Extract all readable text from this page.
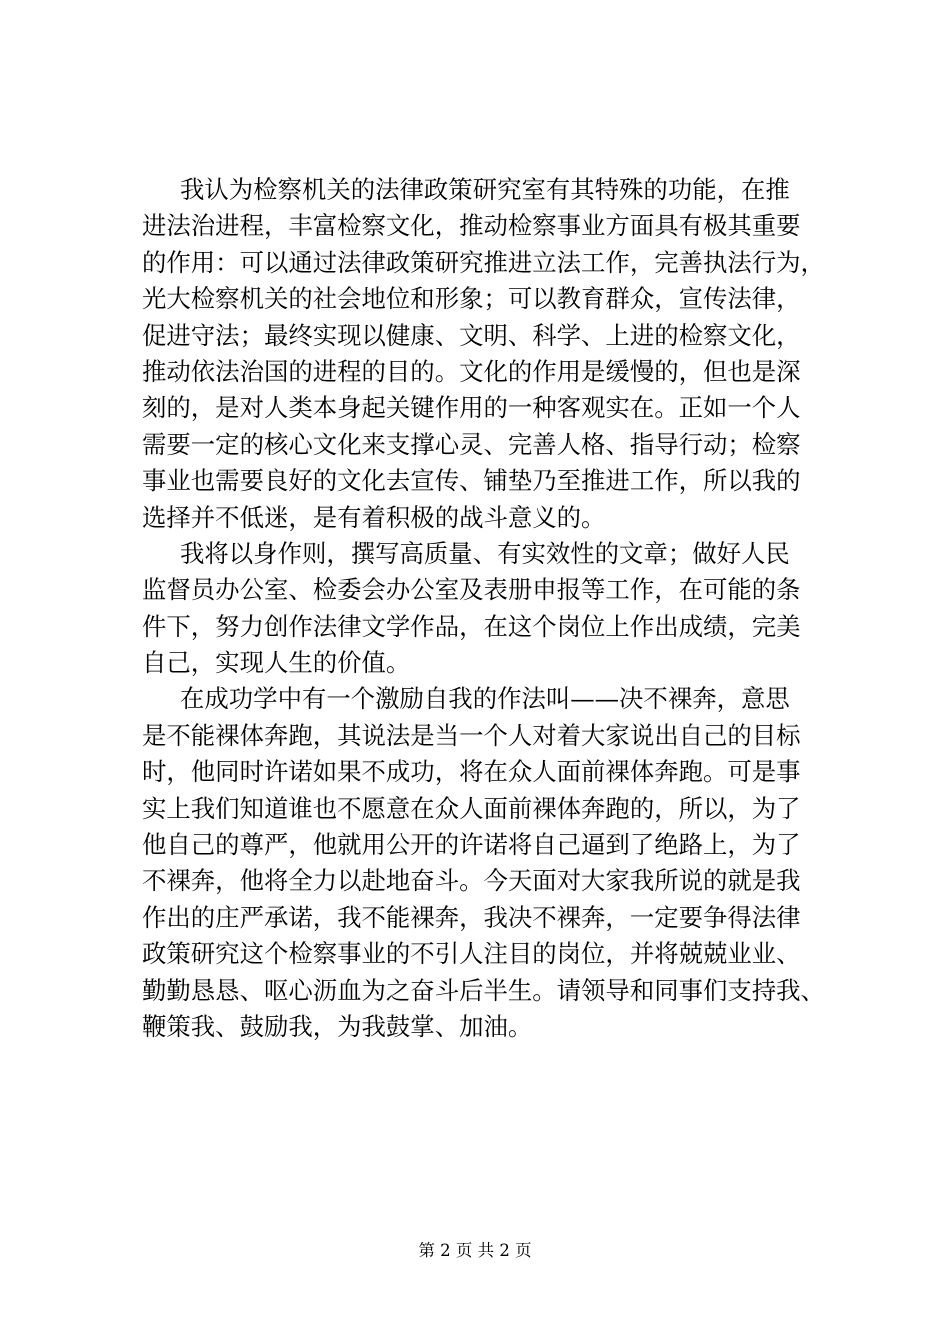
我认为检察机关的法律政策研究室有其特殊的功能，在推
进法治进程，丰富检察文化，推动检察事业方面具有极其重要
的作用：可以通过法律政策研究推进立法工作，完善执法行为，
光大检察机关的社会地位和形象；可以教育群众，宣传法律，
促进守法；最终实现以健康、文明、科学、上进的检察文化，
推动依法治国的进程的目的。文化的作用是缓慢的，但也是深
刻的，是对人类本身起关键作用的一种客观实在。正如一个人
需要一定的核心文化来支撑心灵、完善人格、指导行动；检察
事业也需要良好的文化去宣传、铺垫乃至推进工作，所以我的
选择并不低迷，是有着积极的战斗意义的。
我将以身作则，撰写高质量、有实效性的文章；做好人民
监督员办公室、检委会办公室及表册申报等工作，在可能的条
件下，努力创作法律文学作品，在这个岗位上作出成绩，完美
自己，实现人生的价值。
在成功学中有一个激励自我的作法叫——决不裸奔，意思
是不能裸体奔跑，其说法是当一个人对着大家说出自己的目标
时，他同时许诺如果不成功，将在众人面前裸体奔跑。可是事
实上我们知道谁也不愿意在众人面前裸体奔跑的，所以，为了
他自己的尊严，他就用公开的许诺将自己逼到了绝路上，为了
不裸奔，他将全力以赴地奋斗。今天面对大家我所说的就是我
作出的庄严承诺，我不能裸奔，我决不裸奔，一定要争得法律
政策研究这个检察事业的不引人注目的岗位，并将兢兢业业、
勤勤恳恳、呕心沥血为之奋斗后半生。请领导和同事们支持我、
鞭策我、鼓励我，为我鼓掌、加油。
第 2 页 共 2 页
